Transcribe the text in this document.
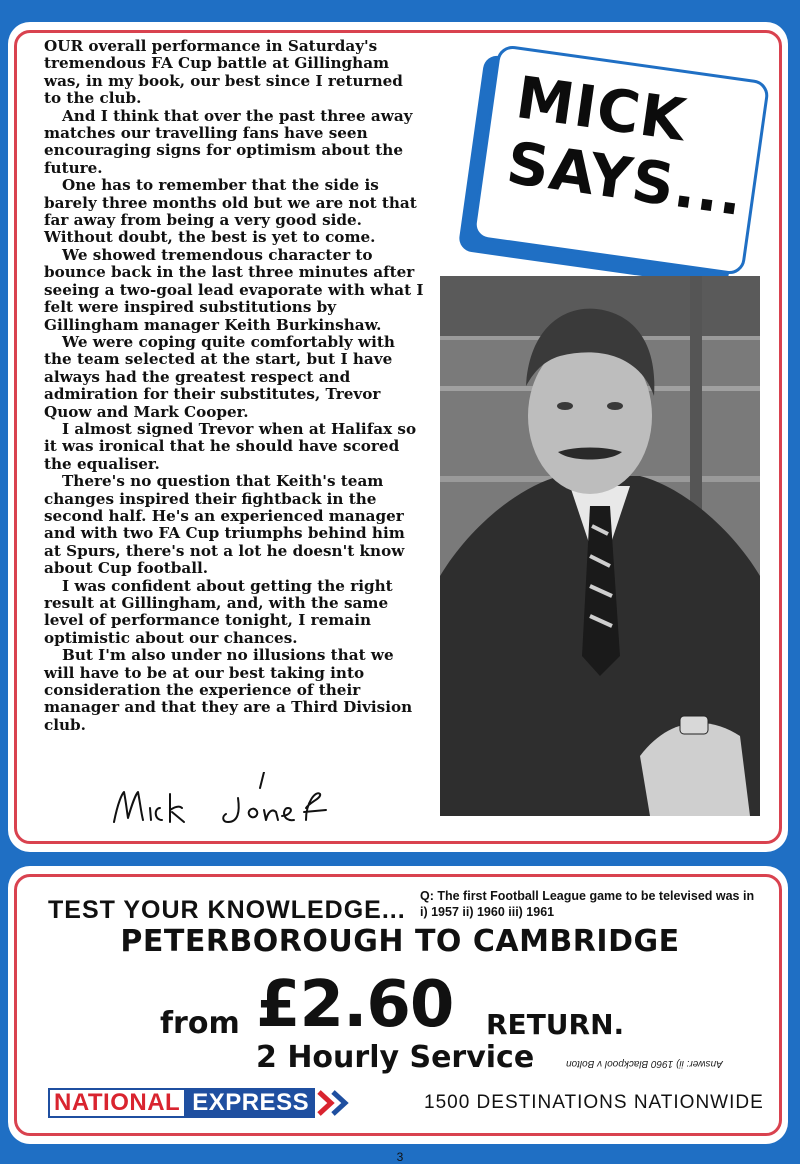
OUR overall performance in Saturday's tremendous FA Cup battle at Gillingham was, in my book, our best since I returned to the club.

And I think that over the past three away matches our travelling fans have seen encouraging signs for optimism about the future.

One has to remember that the side is barely three months old but we are not that far away from being a very good side. Without doubt, the best is yet to come.

We showed tremendous character to bounce back in the last three minutes after seeing a two-goal lead evaporate with what I felt were inspired substitutions by Gillingham manager Keith Burkinshaw.

We were coping quite comfortably with the team selected at the start, but I have always had the greatest respect and admiration for their substitutes, Trevor Quow and Mark Cooper.

I almost signed Trevor when at Halifax so it was ironical that he should have scored the equaliser.

There's no question that Keith's team changes inspired their fightback in the second half. He's an experienced manager and with two FA Cup triumphs behind him at Spurs, there's not a lot he doesn't know about Cup football.

I was confident about getting the right result at Gillingham, and, with the same level of performance tonight, I remain optimistic about our chances.

But I'm also under no illusions that we will have to be at our best taking into consideration the experience of their manager and that they are a Third Division club.

MICK
SAYS...
TEST YOUR KNOWLEDGE... Q: The first Football League game to be televised was in
i) 1957 ii) 1960 iii) 1961
PETERBOROUGH TO CAMBRIDGE
from £2.60 RETURN.
2 Hourly Service	Answer: ii) 1960 Blackpool v Bolton
NATIONAL EXPRESS	1500 DESTINATIONS NATIONWIDE
3
